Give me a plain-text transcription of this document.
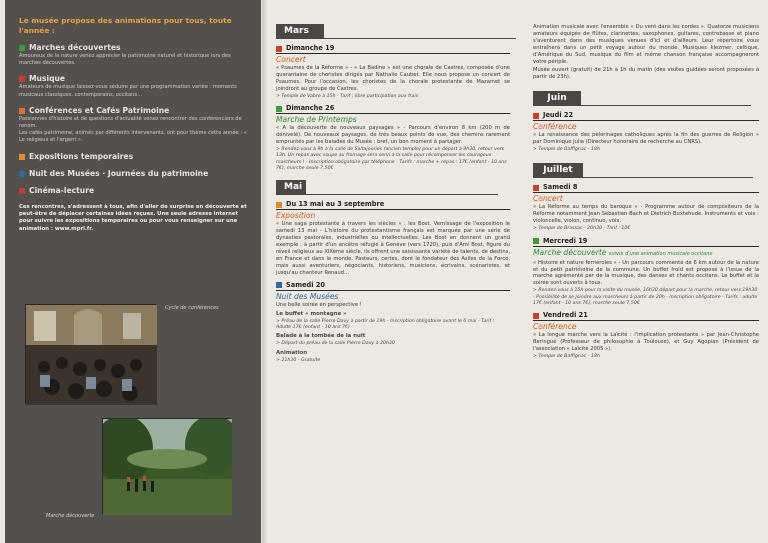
Le musée propose des animations pour tous, toute l'année :
Marches découvertes
Amoureux de la nature venez apprécier le patrimoine naturel et historique lors des marches découvertes.
Musique
Amateurs de musique laissez-vous séduire par une programmation variée : moments musicaux classiques, contemporains, occitans…
Conférences et Cafés Patrimoine
Passionnés d'histoire et de questions d'actualité venez rencontrer des conférenciers de renom.
Les cafés patrimoine, animés par différents intervenants, ont pour thème cette année : « Le religieux et l'argent ».
Expositions temporaires
Nuit des Musées · Journées du patrimoine
Cinéma-lecture
Ces rencontres, s'adressent à tous, afin d'aller de surprise en découverte et peut-être de déplacer certaines idées reçues. Une seule adresse internet pour suivre les expositions temporaires ou pour vous renseigner sur une animation : www.mprl.fr.
Cycle de conférences
Marche découverte
Mars
Dimanche 19
Concert
« Psaumes de la Réforme » - « La Badine » est une chorale de Castres, composée d'une quarantaine de choristes dirigés par Nathalie Caubet. Elle nous propose un concert de Psaumes. Pour l'occasion, les choristes de la chorale protestante de Mazamet se joindront au groupe de Castres.
> Temple de Vabre à 15h - Tarif : libre participation aux frais
Dimanche 26
Marche de Printemps
« A la découverte de nouveaux paysages » - Parcours d'environ 8 km (200 m de dénivelé). De nouveaux paysages, de très beaux points de vue, des chemins rarement empruntés par les balades du Musée : bref, un bon moment à partager.
> Rendez-vous à 9h à la salle de Saltajouries (ancien temple) pour un départ à 9h30, retour vers 13h. Un repas avec soupe au fromage sera servi à la salle pour récompenser les courageux marcheurs ! - Inscription obligatoire par téléphone - Tarifs : marche + repas : 17€ (enfant - 10 ans 7€), marche seule 7,50€
Mai
Du 13 mai au 3 septembre
Exposition
« Une saga protestante à travers les siècles » : les Bost. Vernissage de l'exposition le samedi 13 mai - L'histoire du protestantisme français est marquée par une série de dynasties pastorales, industrielles ou intellectuelles. Les Bost en donnent un grand exemple : à partir d'un ancêtre réfugié à Genève (vers 1720), puis d'Ami Bost, figure du réveil religieux au XIXème siècle, ils offrent une saisissante variété de talents, de destins, en France et dans le monde. Pasteurs, certes, dont le fondateur des Asiles de la Force, mais aussi aventuriers, négociants, historiens, musiciens, écrivains, scénaristes, et jusqu'au chanteur Renaud…
Samedi 20
Nuit des Musées
Une belle soirée en perspective !
Le buffet « montagne »
> Préau de la salle Pierre Davy à partir de 19h - Inscription obligatoire avant le 6 mai - Tarif : Adulte 17€ (enfant - 10 ans 7€)
Balade à la tombée de la nuit
> Départ du préau de la salle Pierre Davy à 20h30
Animation
> 21h30 - Gratuite
Animation musicale avec l'ensemble « Du vent dans les cordes ». Quatorze musiciens amateurs équipés de flûtes, clarinettes, saxophones, guitares, contrebasse et piano s'aventurent dans des musiques venues d'ici et d'ailleurs. Leur répertoire vous entraînera dans un petit voyage autour du monde. Musiques klezmer, celtique, d'Amérique du Sud, musique du film et même chanson française accompagneront votre périple.
Musée ouvert (gratuit) de 21h à 1h du matin (des visites guidées seront proposées à partir de 23h).
Juin
Jeudi 22
Conférence
« La renaissance des pèlerinages catholiques après la fin des guerres de Religion » par Dominique Julia (Directeur honoraire de recherche au CNRS).
> Temple de Baffignac - 18h
Juillet
Samedi 8
Concert
« La Réforme au temps du baroque » - Programme autour de compositeurs de la Réforme notamment Jean Sébastien Bach et Dietrich Buxtehude. Instruments et voix : violoncelle, violon, continuo, voix.
> Temple de Brassac - 20h30 - Tarif : 10€
Mercredi 19
Marche découverte suivie d'une animation musicale occitane
« Histoire et nature ferriéroles » - Un parcours commenté de 6 km autour de la nature et du petit patrimoine de la commune. Un buffet froid est proposé à l'issue de la marche agrémenté par de la musique, des danses et chants occitans. Le buffet et la soirée sont ouverts à tous.
> Rendez-vous à 15h pour la visite du musée, 16h30 départ pour la marche, retour vers 19h30 - Possibilité de se joindre aux marcheurs à partir de 20h - Inscription obligatoire - Tarifs : adulte 17€ (enfant - 10 ans 7€), marche seule 7,50€
Vendredi 21
Conférence
« La longue marche vers la Laïcité : l'implication protestante » par Jean-Christophe Beringué (Professeur de philosophie à Toulouse), et Guy Agopian (Président de l'association « Laïcité 2005 »).
> Temple de Baffignac - 18h
